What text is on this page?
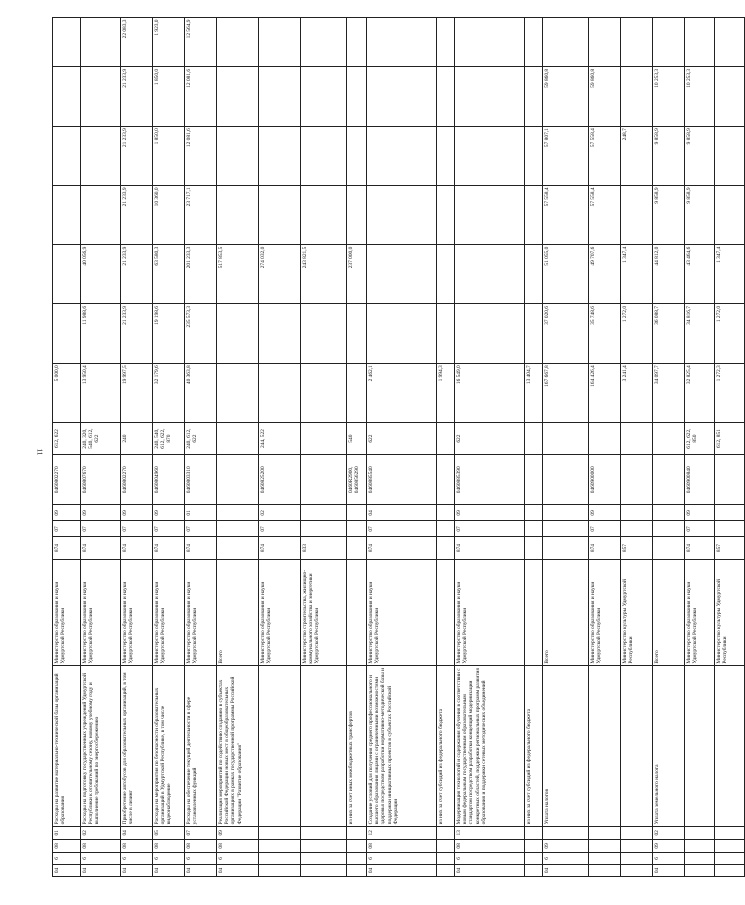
11
04	6	08	01	Расходы на развитие материально-технической базы организаций образования	Министерство образования и науки Удмуртской Республики	874	07	09	0460802270	612, 622	5 000,0						
04	6	08	02	Расходы на подготовку государственных учреждений Удмуртской Республики к отопительному сезону, новому учебному году и выполнение требований по энергосбережению	Министерство образования и науки Удмуртской Республики	874	07	09	0460807670	240, 320, 540, 612, 622	13 950,4	11 988,6	40 056,9				
04	6	08	04	Приобретение автобусов для образовательных организаций, в том числе в лизинг	Министерство образования и науки Удмуртской Республики	874	07	09	0460802270	240	19 997,5	21 233,9	21 233,9	21 233,9	21 233,9	21 233,9	22 083,3
04	6	08	05	Расходы на мероприятия по безопасности образовательных организаций в Удмуртской Республике, в том числе видеонаблюдение	Министерство образования и науки Удмуртской Республики	874	07	09	0460804960	240, 540, 612, 622, 870	32 179,6	19 198,6	63 580,3	10 360,0	1 850,0	1 850,0	1 923,0
04	6	08	07	Расходы на обеспечение текущей деятельности в сфере установленных функций	Министерство образования и науки Удмуртской Республики	874	07	01	0460803310	240, 612, 622	40 363,8	235 573,3	201 233,3	23 717,1	12 081,6	12 081,6	12 564,9
04	6	08	09	Реализация мероприятий по содействию созданию в субъектах Российской Федерации новых мест в общеобразовательных организациях в рамках государственной программы Российской Федерации "Развитие образования"	Всего								517 853,5				
					Министерство образования и науки Удмуртской Республики	874	07	02	0460825200	244, 522			274 032,0				
					Министерство строительства, жилищно-коммунального хозяйства и энергетики Удмуртской Республики	833							243 821,5				
				из них за счет иных межбюджетных трансфертов					0460R2900, 0460856290	540			237 000,0				
04	6	08	12	Создание условий для получения среднего профессионального и высшего образования лицами с ограниченными возможностями здоровья посредством разработки нормативно-методической базы и поддержки инициативных проектов в субъектах Российской Федерации	Министерство образования и науки Удмуртской Республики	874	07	04	0460885540	622	2 462,1						
				из них за счет субсидий из федерального бюджета							1 994,3						
04	6	08	13	Модернизация технологий и содержания обучения в соответствии с новым федеральным государственным образовательным стандартом посредством разработки концепций модернизации конкретных областей, поддержки региональных программ развития образования и поддержки сетевых методических объединений	Министерство образования и науки Удмуртской Республики	874	07	09	0460885390	622	16 549,0						
				из них за счет субсидий из федерального бюджета							13 404,7						
04	6	09		Уплата налогов	Всего						167 667,8	37 020,6	51 055,0	57 558,4	57 807,1	59 860,8	
					Министерство образования и науки Удмуртской Республики	874	07	09	0460900000		164 426,4	35 748,6	49 707,6	57 558,4	57 558,4	59 860,8	
					Министерство культуры Удмуртской Республики	857					3 241,4	1 272,0	1 347,4		248,7		
04	6	09	02	Уплата земельного налога	Всего						34 097,7	36 088,7	44 812,0	9 858,9	9 858,9	10 253,3	
					Министерство образования и науки Удмуртской Республики	874	07	09	0460900840	612, 622, 850	32 825,4	34 816,7	43 464,6	9 858,9	9 858,9	10 253,3	
					Министерство культуры Удмуртской Республики	857				612, 851	1 272,3	1 272,0	1 347,4				
